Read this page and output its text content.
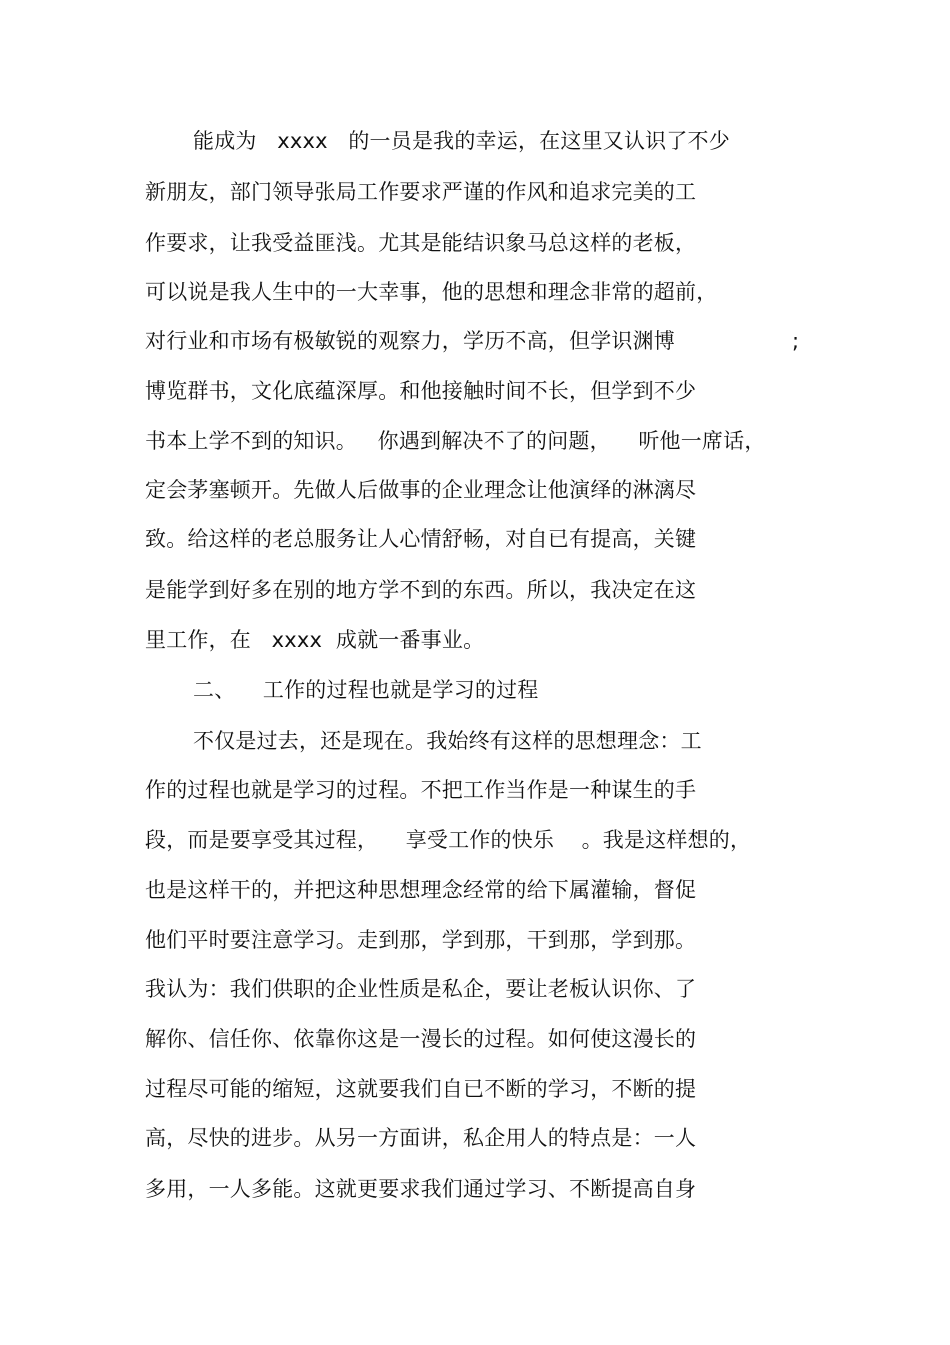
能成为   xxxx   的一员是我的幸运，在这里又认识了不少
新朋友，部门领导张局工作要求严谨的作风和追求完美的工
作要求，让我受益匪浅。尤其是能结识象马总这样的老板，
可以说是我人生中的一大幸事，他的思想和理念非常的超前，
对行业和市场有极敏锐的观察力，学历不高，但学识渊博	;
博览群书，文化底蕴深厚。和他接触时间不长，但学到不少
书本上学不到的知识。   你遇到解决不了的问题，    听他一席话，
定会茅塞顿开。先做人后做事的企业理念让他演绎的淋漓尽
致。给这样的老总服务让人心情舒畅，对自已有提高，关键
是能学到好多在别的地方学不到的东西。所以，我决定在这
里工作，在   xxxx  成就一番事业。
二、    工作的过程也就是学习的过程
不仅是过去，还是现在。我始终有这样的思想理念：工
作的过程也就是学习的过程。不把工作当作是一种谋生的手
段，而是要享受其过程，    享受工作的快乐    。我是这样想的，
也是这样干的，并把这种思想理念经常的给下属灌输，督促
他们平时要注意学习。走到那，学到那，干到那，学到那。
我认为：我们供职的企业性质是私企，要让老板认识你、了
解你、信任你、依靠你这是一漫长的过程。如何使这漫长的
过程尽可能的缩短，这就要我们自已不断的学习，不断的提
高，尽快的进步。从另一方面讲，私企用人的特点是：一人
多用，一人多能。这就更要求我们通过学习、不断提高自身
